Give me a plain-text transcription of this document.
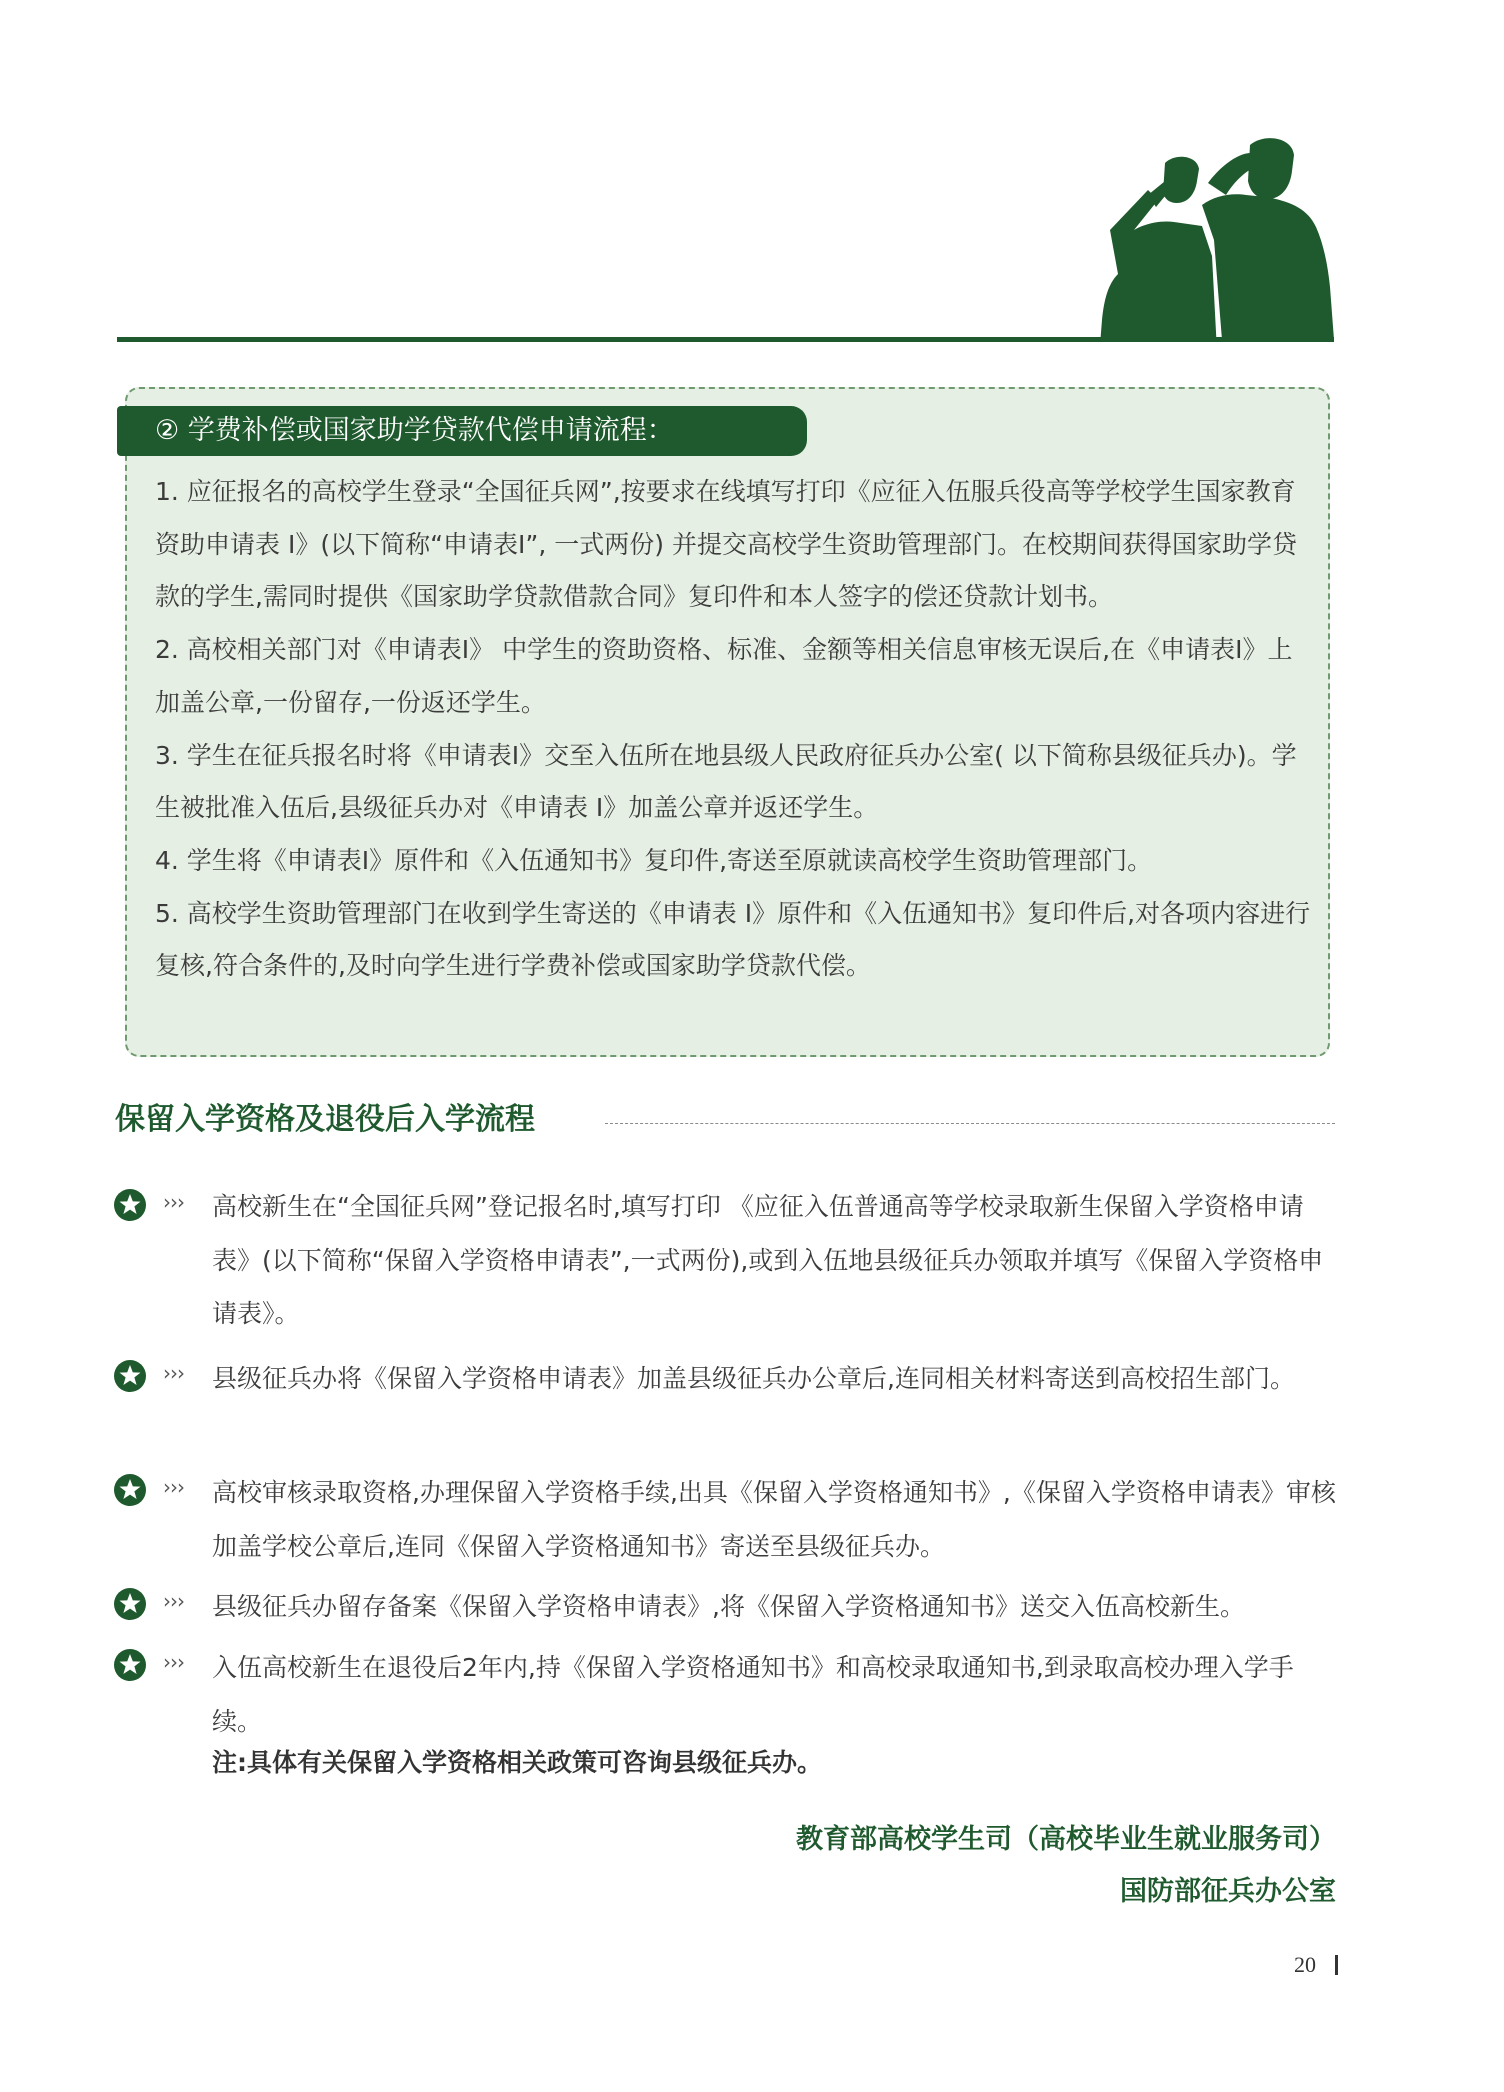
② 学费补偿或国家助学贷款代偿申请流程：

1. 应征报名的高校学生登录“全国征兵网”,按要求在线填写打印《应征入伍服兵役高等学校学生国家教育资助申请表 I》(以下简称“申请表I”, 一式两份) 并提交高校学生资助管理部门。在校期间获得国家助学贷款的学生,需同时提供《国家助学贷款借款合同》复印件和本人签字的偿还贷款计划书。

2. 高校相关部门对《申请表I》 中学生的资助资格、标准、金额等相关信息审核无误后,在《申请表I》上加盖公章,一份留存,一份返还学生。

3. 学生在征兵报名时将《申请表I》交至入伍所在地县级人民政府征兵办公室( 以下简称县级征兵办)。学生被批准入伍后,县级征兵办对《申请表 I》加盖公章并返还学生。

4. 学生将《申请表I》原件和《入伍通知书》复印件,寄送至原就读高校学生资助管理部门。

5. 高校学生资助管理部门在收到学生寄送的《申请表 I》原件和《入伍通知书》复印件后,对各项内容进行复核,符合条件的,及时向学生进行学费补偿或国家助学贷款代偿。

保留入学资格及退役后入学流程
››› 高校新生在“全国征兵网”登记报名时,填写打印 《应征入伍普通高等学校录取新生保留入学资格申请表》(以下简称“保留入学资格申请表”,一式两份),或到入伍地县级征兵办领取并填写《保留入学资格申请表》。
››› 县级征兵办将《保留入学资格申请表》加盖县级征兵办公章后,连同相关材料寄送到高校招生部门。
››› 高校审核录取资格,办理保留入学资格手续,出具《保留入学资格通知书》,《保留入学资格申请表》审核加盖学校公章后,连同《保留入学资格通知书》寄送至县级征兵办。
››› 县级征兵办留存备案《保留入学资格申请表》,将《保留入学资格通知书》送交入伍高校新生。
››› 入伍高校新生在退役后2年内,持《保留入学资格通知书》和高校录取通知书,到录取高校办理入学手续。
注:具体有关保留入学资格相关政策可咨询县级征兵办。
教育部高校学生司（高校毕业生就业服务司）
国防部征兵办公室
20
